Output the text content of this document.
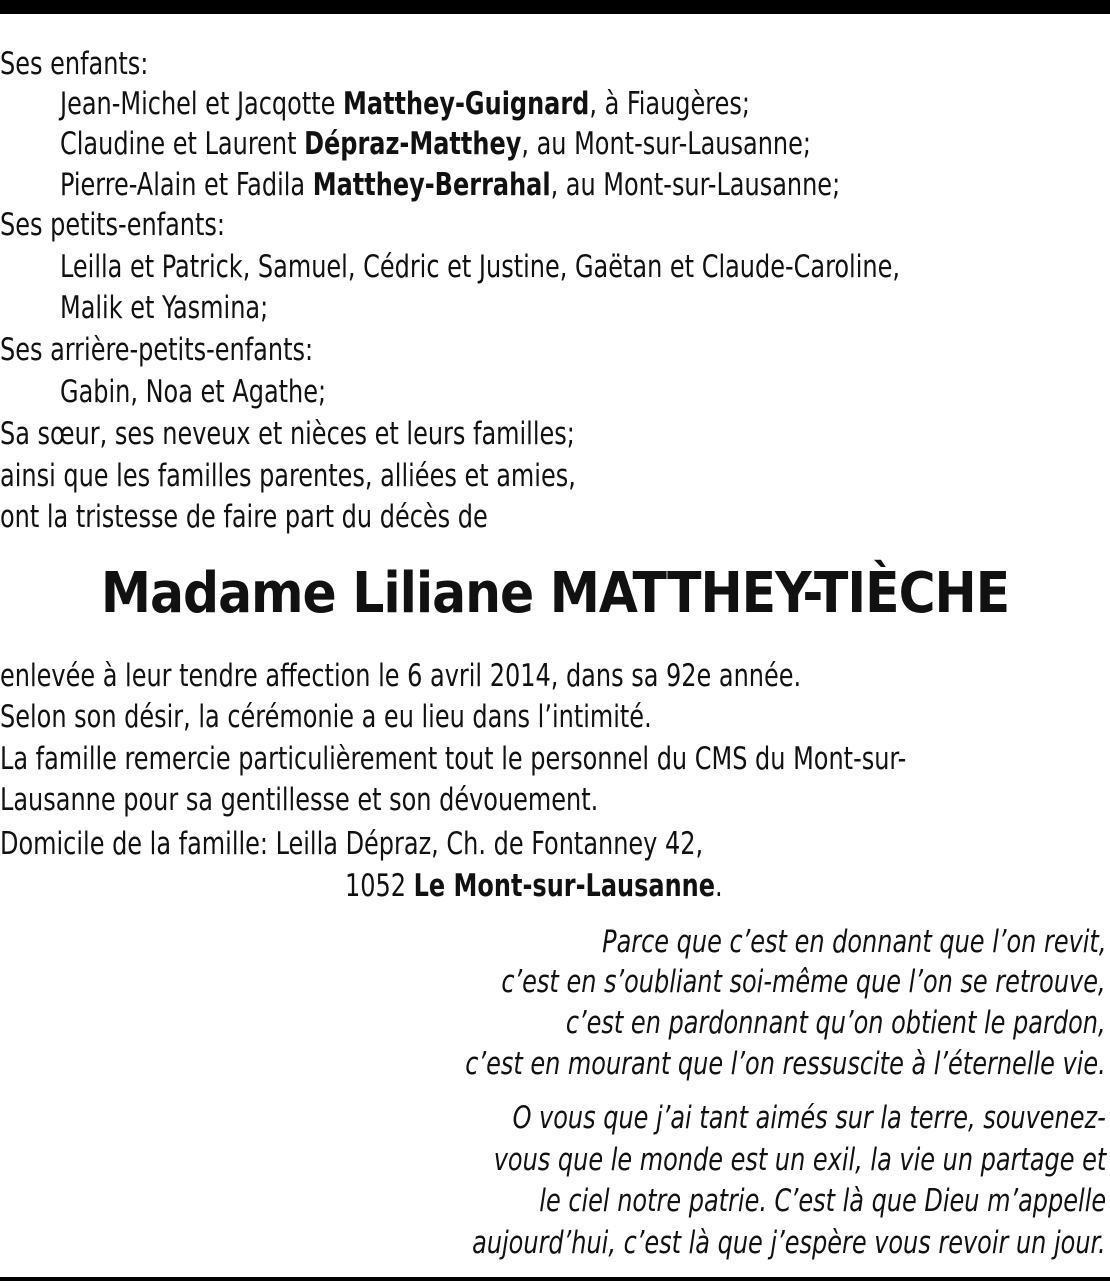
Ses enfants:
Jean-Michel et Jacqotte Matthey-Guignard, à Fiaugères;
Claudine et Laurent Dépraz-Matthey, au Mont-sur-Lausanne;
Pierre-Alain et Fadila Matthey-Berrahal, au Mont-sur-Lausanne;
Ses petits-enfants:
Leilla et Patrick, Samuel, Cédric et Justine, Gaëtan et Claude-Caroline,
Malik et Yasmina;
Ses arrière-petits-enfants:
Gabin, Noa et Agathe;
Sa sœur, ses neveux et nièces et leurs familles;
ainsi que les familles parentes, alliées et amies,
ont la tristesse de faire part du décès de
Madame Liliane MATTHEY-TIÈCHE
enlevée à leur tendre affection le 6 avril 2014, dans sa 92e année.
Selon son désir, la cérémonie a eu lieu dans l’intimité.
La famille remercie particulièrement tout le personnel du CMS du Mont-sur-
Lausanne pour sa gentillesse et son dévouement.
Domicile de la famille: Leilla Dépraz, Ch. de Fontanney 42,
1052 Le Mont-sur-Lausanne.
Parce que c’est en donnant que l’on revit,
c’est en s’oubliant soi-même que l’on se retrouve,
c’est en pardonnant qu’on obtient le pardon,
c’est en mourant que l’on ressuscite à l’éternelle vie.
O vous que j’ai tant aimés sur la terre, souvenez-
vous que le monde est un exil, la vie un partage et
le ciel notre patrie. C’est là que Dieu m’appelle
aujourd’hui, c’est là que j’espère vous revoir un jour.
